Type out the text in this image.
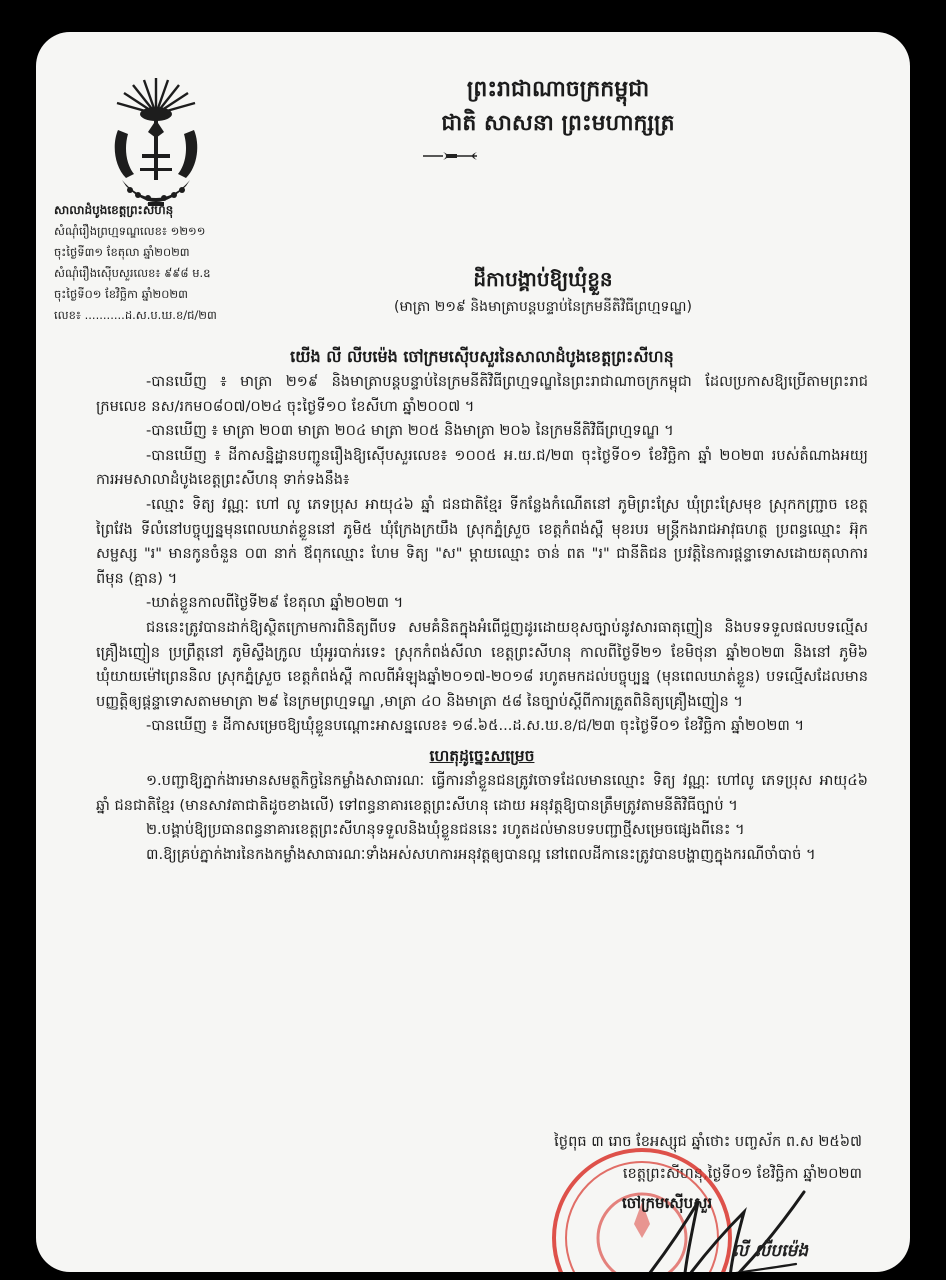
ព្រះរាជាណាចក្រកម្ពុជា
ជាតិ សាសនា ព្រះមហាក្សត្រ
សាលាដំបូងខេត្តព្រះសីហនុ
សំណុំរឿងព្រហ្មទណ្ឌលេខ៖ ១២១១
ចុះថ្ងៃទី៣១ ខែតុលា ឆ្នាំ២០២៣
សំណុំរឿងស៊ើបសួរលេខ៖ ៩៩៨ ម.ឧ
ចុះថ្ងៃទី០១ ខែវិច្ឆិកា ឆ្នាំ២០២៣
លេខ៖ ...........ដ.ស.ប.ឃ.ខ/ជ/២៣
ដីកាបង្គាប់ឱ្យឃុំខ្លួន
(មាត្រា ២១៩ និងមាត្រាបន្តបន្ទាប់នៃក្រមនីតិវិធីព្រហ្មទណ្ឌ)

យើង លី លីបម៉េង ចៅក្រមស៊ើបសួរនៃសាលាដំបូងខេត្តព្រះសីហនុ

-បានឃើញ ៖ មាត្រា ២១៩ និងមាត្រាបន្តបន្ទាប់នៃក្រមនីតិវិធីព្រហ្មទណ្ឌនៃព្រះរាជាណាចក្រកម្ពុជា ដែលប្រកាសឱ្យប្រើតាមព្រះរាជក្រមលេខ នស/រកម០៨០៧/០២៤ ចុះថ្ងៃទី១០ ខែសីហា ឆ្នាំ២០០៧ ។

-បានឃើញ ៖ មាត្រា ២០៣ មាត្រា ២០៤ មាត្រា ២០៥ និងមាត្រា ២០៦ នៃក្រមនីតិវិធីព្រហ្មទណ្ឌ ។

-បានឃើញ ៖ ដីកាសន្និដ្ឋានបញ្ជូនរឿងឱ្យស៊ើបសួរលេខ៖ ១០០៥ អ.យ.ជ/២៣ ចុះថ្ងៃទី០១ ខែវិច្ឆិកា ឆ្នាំ ២០២៣ របស់តំណាងអយ្យការអមសាលាដំបូងខេត្តព្រះសីហនុ ទាក់ទងនឹង៖

-ឈ្មោះ ទិត្យ វណ្ណៈ ហៅ លូ ភេទប្រុស អាយុ៤៦ ឆ្នាំ ជនជាតិខ្មែរ ទីកន្លែងកំណើតនៅ ភូមិព្រះស្រែ ឃុំព្រះស្រែមុខ ស្រុកកញ្ជ្រាច ខេត្តព្រៃវែង ទីលំនៅបច្ចុប្បន្នមុនពេលឃាត់ខ្លួននៅ ភូមិ៥ ឃុំក្រែងក្រយឹង ស្រុកភ្នំស្រួច ខេត្តកំពង់ស្ពឺ មុខរបរ មន្ត្រីកងរាជអាវុធហត្ថ ប្រពន្ធឈ្មោះ អ៊ុក សម្ផស្ស "រ" មានកូនចំនួន ០៣ នាក់ ឪពុកឈ្មោះ ហែម ទិត្យ "ស" ម្ដាយឈ្មោះ ចាន់ ពត "រ" ជានីតិជន ប្រវត្តិនៃការផ្ដន្ទាទោសដោយតុលាការពីមុន (គ្មាន) ។

-ឃាត់ខ្លួនកាលពីថ្ងៃទី២៩ ខែតុលា ឆ្នាំ២០២៣ ។

ជននេះត្រូវបានដាក់ឱ្យស្ថិតក្រោមការពិនិត្យពីបទ សមគំនិតក្នុងអំពើជួញដូរដោយខុសច្បាប់នូវសារធាតុញៀន និងបទទទួលផលបទល្មើសគ្រឿងញៀន ប្រព្រឹត្តនៅ ភូមិស្ទឹងក្រូល ឃុំអូរបាក់រទេះ ស្រុកកំពង់សីលា ខេត្តព្រះសីហនុ កាលពីថ្ងៃទី២១ ខែមិថុនា ឆ្នាំ២០២៣ និងនៅ ភូមិ៦ ឃុំយាយម៉ៅព្រេននិល ស្រុកភ្នំស្រួច ខេត្តកំពង់ស្ពឺ កាលពីអំឡុងឆ្នាំ២០១៧-២០១៨ រហូតមកដល់បច្ចុប្បន្ន (មុនពេលឃាត់ខ្លួន) បទល្មើសដែលមានបញ្ញត្តិឲ្យផ្ដន្ទាទោសតាមមាត្រា ២៩ នៃក្រមព្រហ្មទណ្ឌ ,មាត្រា ៤០ និងមាត្រា ៥៨ នៃច្បាប់ស្ដីពីការត្រួតពិនិត្យគ្រឿងញៀន ។

-បានឃើញ ៖ ដីកាសម្រេចឱ្យឃុំខ្លួនបណ្ដោះអាសន្នលេខ៖ ១៨.៦៥...ដ.ស.ឃ.ខ/ជ/២៣ ចុះថ្ងៃទី០១ ខែវិច្ឆិកា ឆ្នាំ២០២៣ ។

ហេតុដូច្នេះសម្រេច

១.បញ្ជាឱ្យភ្នាក់ងារមានសមត្ថកិច្ចនៃកម្លាំងសាធារណៈ ធ្វើការនាំខ្លួនជនត្រូវចោទដែលមានឈ្មោះ ទិត្យ វណ្ណៈ ហៅលូ ភេទប្រុស អាយុ៤៦ ឆ្នាំ ជនជាតិខ្មែរ (មានសាវតាជាតិដូចខាងលើ) ទៅពន្ធនាគារខេត្តព្រះសីហនុ ដោយ អនុវត្តឱ្យបានត្រឹមត្រូវតាមនីតិវិធីច្បាប់ ។

២.បង្គាប់ឱ្យប្រធានពន្ធនាគារខេត្តព្រះសីហនុទទួលនិងឃុំខ្លួនជននេះ រហូតដល់មានបទបញ្ជាថ្មីសម្រេចផ្សេងពីនេះ ។

៣.ឱ្យគ្រប់ភ្នាក់ងារនៃកងកម្លាំងសាធារណៈទាំងអស់សហការអនុវត្តឲ្យបានល្អ នៅពេលដីកានេះត្រូវបានបង្ហាញក្នុងករណីចាំបាច់ ។

ថ្ងៃពុធ ៣ រោច ខែអស្សុជ ឆ្នាំថោះ បញ្ចស័ក ព.ស ២៥៦៧
ខេត្តព្រះសីហនុ,ថ្ងៃទី០១ ខែវិច្ឆិកា ឆ្នាំ២០២៣
ចៅក្រមស៊ើបសួរ
លី លីបម៉េង
